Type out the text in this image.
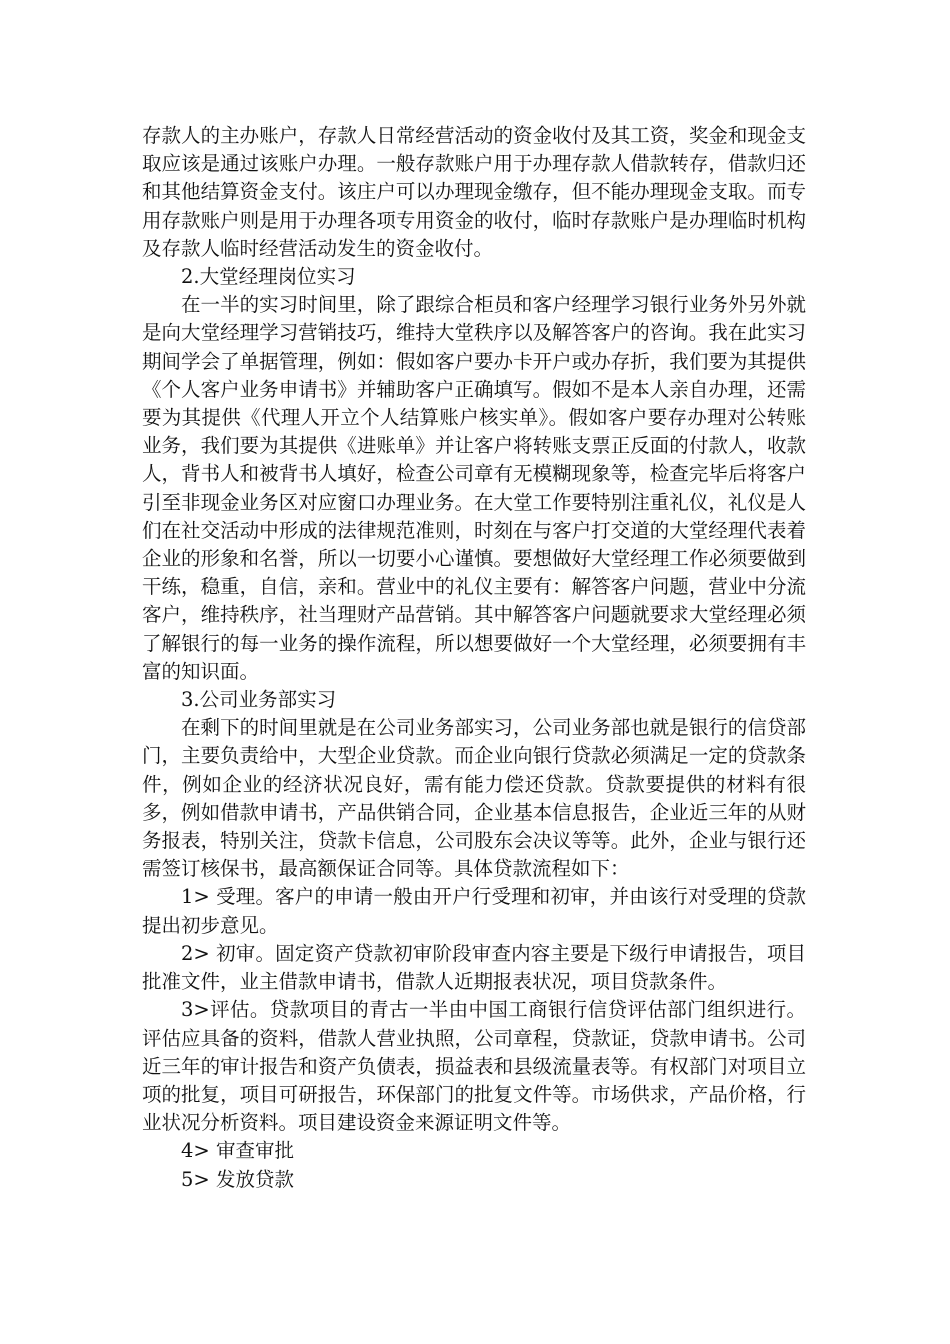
存款人的主办账户，存款人日常经营活动的资金收付及其工资，奖金和现金支取应该是通过该账户办理。一般存款账户用于办理存款人借款转存，借款归还和其他结算资金支付。该庄户可以办理现金缴存，但不能办理现金支取。而专用存款账户则是用于办理各项专用资金的收付，临时存款账户是办理临时机构及存款人临时经营活动发生的资金收付。

2.大堂经理岗位实习

在一半的实习时间里，除了跟综合柜员和客户经理学习银行业务外另外就是向大堂经理学习营销技巧，维持大堂秩序以及解答客户的咨询。我在此实习期间学会了单据管理，例如：假如客户要办卡开户或办存折，我们要为其提供《个人客户业务申请书》并辅助客户正确填写。假如不是本人亲自办理，还需要为其提供《代理人开立个人结算账户核实单》。假如客户要存办理对公转账业务，我们要为其提供《进账单》并让客户将转账支票正反面的付款人，收款人，背书人和被背书人填好，检查公司章有无模糊现象等，检查完毕后将客户引至非现金业务区对应窗口办理业务。在大堂工作要特别注重礼仪，礼仪是人们在社交活动中形成的法律规范准则，时刻在与客户打交道的大堂经理代表着企业的形象和名誉，所以一切要小心谨慎。要想做好大堂经理工作必须要做到干练，稳重，自信，亲和。营业中的礼仪主要有：解答客户问题，营业中分流客户，维持秩序，社当理财产品营销。其中解答客户问题就要求大堂经理必须了解银行的每一业务的操作流程，所以想要做好一个大堂经理，必须要拥有丰富的知识面。

3.公司业务部实习

在剩下的时间里就是在公司业务部实习，公司业务部也就是银行的信贷部门，主要负责给中，大型企业贷款。而企业向银行贷款必须满足一定的贷款条件，例如企业的经济状况良好，需有能力偿还贷款。贷款要提供的材料有很多，例如借款申请书，产品供销合同，企业基本信息报告，企业近三年的从财务报表，特别关注，贷款卡信息，公司股东会决议等等。此外，企业与银行还需签订核保书，最高额保证合同等。具体贷款流程如下：

1> 受理。客户的申请一般由开户行受理和初审，并由该行对受理的贷款提出初步意见。

2> 初审。固定资产贷款初审阶段审查内容主要是下级行申请报告，项目批准文件，业主借款申请书，借款人近期报表状况，项目贷款条件。

3>评估。贷款项目的青古一半由中国工商银行信贷评估部门组织进行。评估应具备的资料，借款人营业执照，公司章程，贷款证，贷款申请书。公司近三年的审计报告和资产负债表，损益表和县级流量表等。有权部门对项目立项的批复，项目可研报告，环保部门的批复文件等。市场供求，产品价格，行业状况分析资料。项目建设资金来源证明文件等。

4> 审查审批

5> 发放贷款
